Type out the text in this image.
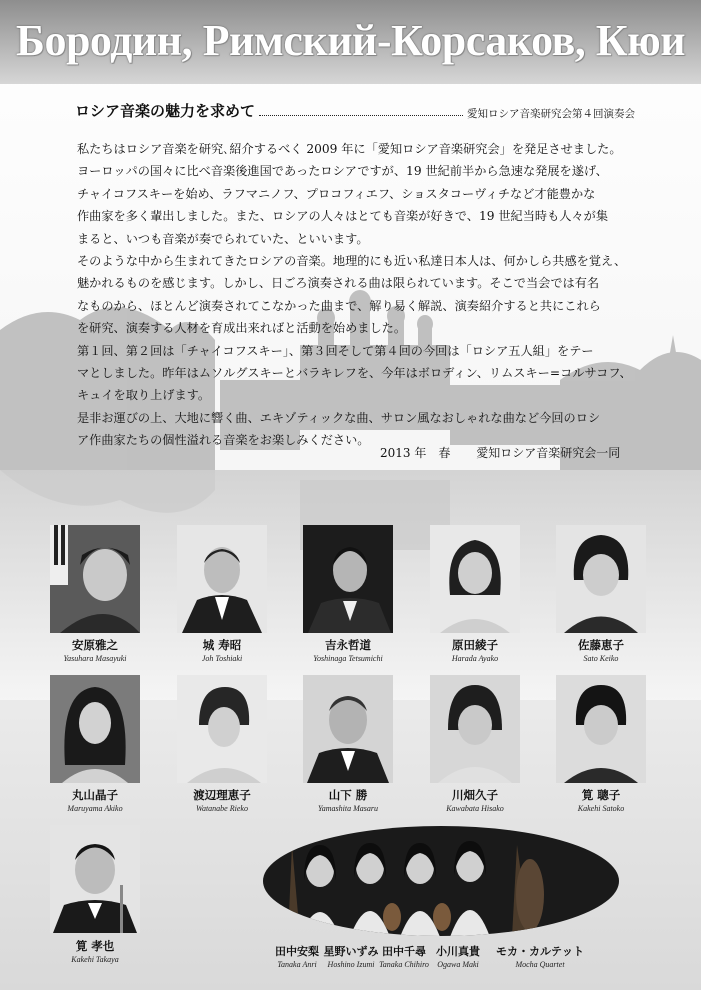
Бородин, Римский-Корсаков, Кюи
ロシア音楽の魅力を求めて	愛知ロシア音楽研究会第４回演奏会

私たちはロシア音楽を研究､紹介するべく 2009 年に「愛知ロシア音楽研究会」を発足させました。

ヨーロッパの国々に比べ音楽後進国であったロシアですが、19 世紀前半から急速な発展を遂げ、

チャイコフスキーを始め、ラフマニノフ、プロコフィエフ、ショスタコーヴィチなど才能豊かな

作曲家を多く輩出しました。また、ロシアの人々はとても音楽が好きで、19 世紀当時も人々が集

まると、いつも音楽が奏でられていた、といいます。

そのような中から生まれてきたロシアの音楽。地理的にも近い私達日本人は、何かしら共感を覚え、

魅かれるものを感じます。しかし、日ごろ演奏される曲は限られています。そこで当会では有名

なものから、ほとんど演奏されてこなかった曲まで、解り易く解説、演奏紹介すると共にこれら

を研究、演奏する人材を育成出来ればと活動を始めました。

第１回、第２回は「チャイコフスキー」、第３回そして第４回の今回は「ロシア五人組」をテー

マとしました。昨年はムソルグスキーとバラキレフを、今年はボロディン、リムスキー=コルサコフ、

キュイを取り上げます。

是非お運びの上、大地に響く曲、エキゾティックな曲、サロン風なおしゃれな曲など今回のロシ

ア作曲家たちの個性溢れる音楽をお楽しみください。

2013 年　春 愛知ロシア音楽研究会一同
安原雅之
Yasuhara Masayuki
城 寿昭
Joh Toshiaki
吉永哲道
Yoshinaga Tetsumichi
原田綾子
Harada Ayako
佐藤恵子
Sato Keiko
丸山晶子
Maruyama Akiko
渡辺理恵子
Watanabe Rieko
山下 勝
Yamashita Masaru
川畑久子
Kawabata Hisako
筧 聰子
Kakehi Satoko
筧 孝也
Kakehi Takaya
田中安梨
Tanaka Anri
星野いずみ
Hoshino Izumi
田中千尋
Tanaka Chihiro
小川真貴
Ogawa Maki
モカ・カルテット
Mocha Quartet
